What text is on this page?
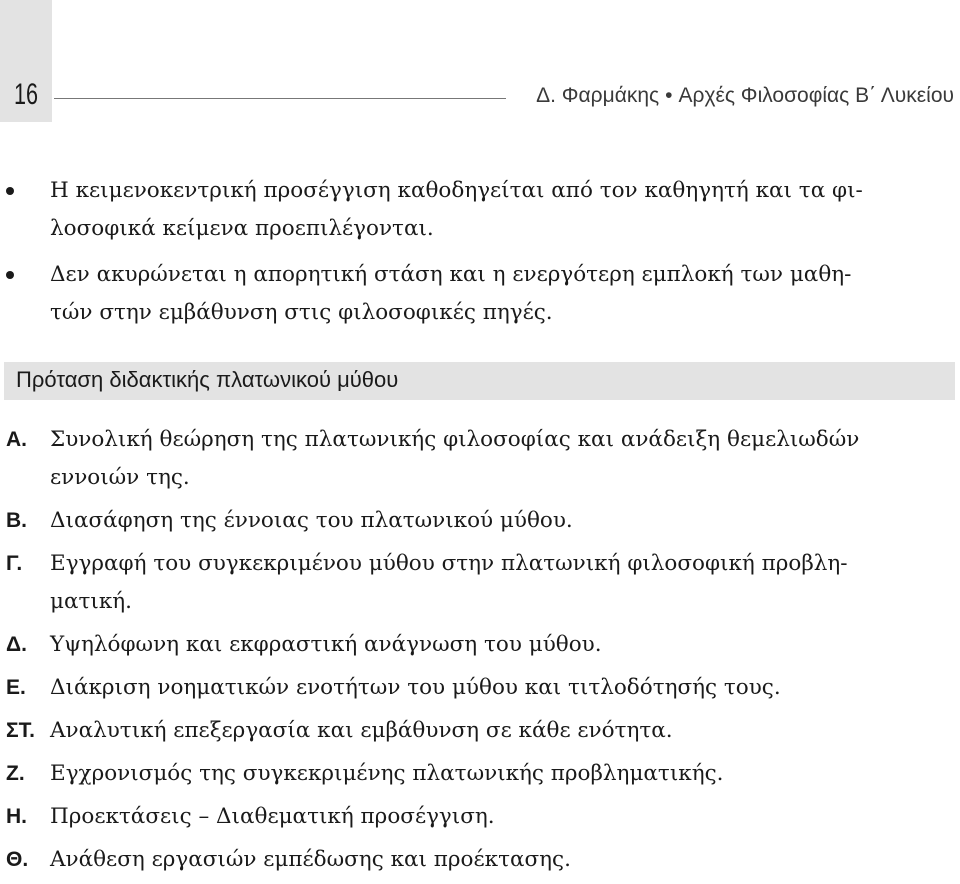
16	Δ. Φαρμάκης • Αρχές Φιλοσοφίας Β΄ Λυκείου
Η κειμενοκεντρική προσέγγιση καθοδηγείται από τον καθηγητή και τα φι-
λοσοφικά κείμενα προεπιλέγονται.
Δεν ακυρώνεται η απορητική στάση και η ενεργότερη εμπλοκή των μαθη-
τών στην εμβάθυνση στις φιλοσοφικές πηγές.
Πρόταση διδακτικής πλατωνικού μύθου
Α. Συνολική θεώρηση της πλατωνικής φιλοσοφίας και ανάδειξη θεμελιωδών
εννοιών της.
Β. Διασάφηση της έννοιας του πλατωνικού μύθου.
Γ. Εγγραφή του συγκεκριμένου μύθου στην πλατωνική φιλοσοφική προβλη-
ματική.
Δ. Υψηλόφωνη και εκφραστική ανάγνωση του μύθου.
Ε. Διάκριση νοηματικών ενοτήτων του μύθου και τιτλοδότησής τους.
ΣΤ. Αναλυτική επεξεργασία και εμβάθυνση σε κάθε ενότητα.
Ζ. Εγχρονισμός της συγκεκριμένης πλατωνικής προβληματικής.
Η. Προεκτάσεις – Διαθεματική προσέγγιση.
Θ. Ανάθεση εργασιών εμπέδωσης και προέκτασης.
